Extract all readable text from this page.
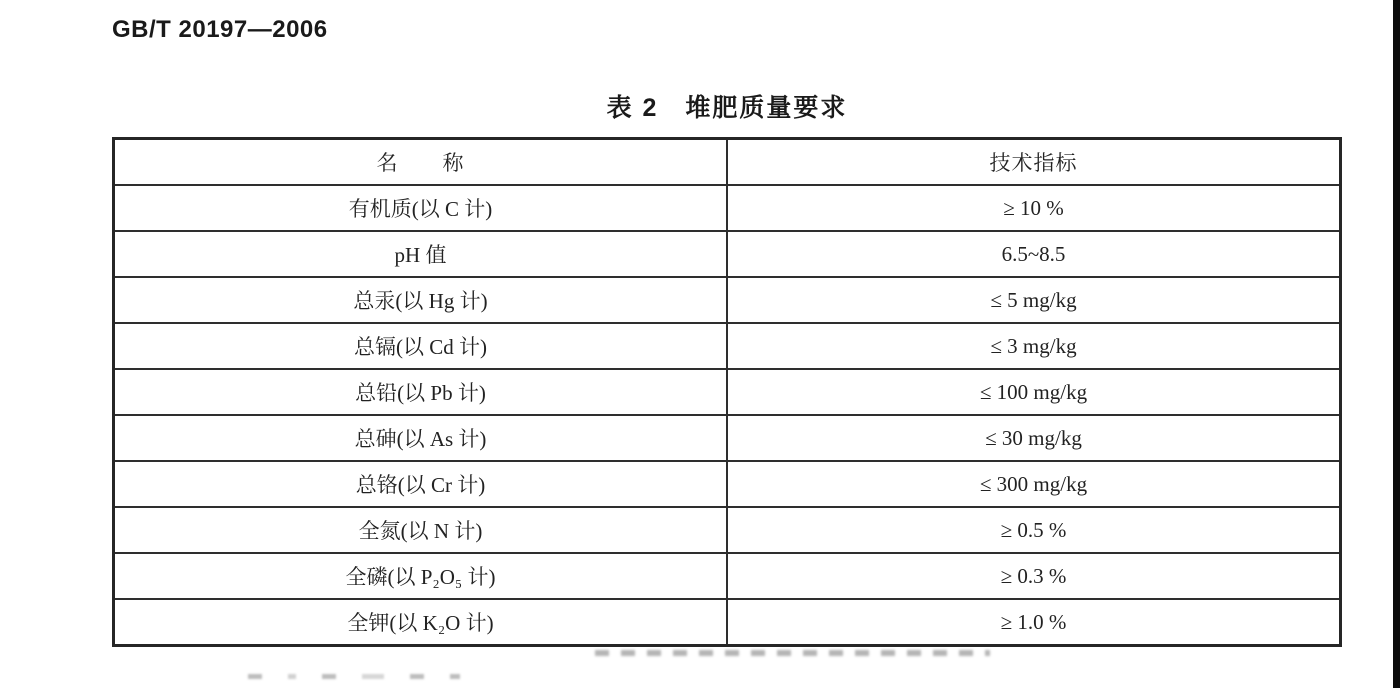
GB/T 20197—2006
表 2　堆肥质量要求
名　　称	技术指标
有机质(以 C 计)	≥ 10 %
pH 值	6.5~8.5
总汞(以 Hg 计)	≤ 5 mg/kg
总镉(以 Cd 计)	≤ 3 mg/kg
总铅(以 Pb 计)	≤ 100 mg/kg
总砷(以 As 计)	≤ 30 mg/kg
总铬(以 Cr 计)	≤ 300 mg/kg
全氮(以 N 计)	≥ 0.5 %
全磷(以 P₂O₅ 计)	≥ 0.3 %
全钾(以 K₂O 计)	≥ 1.0 %
